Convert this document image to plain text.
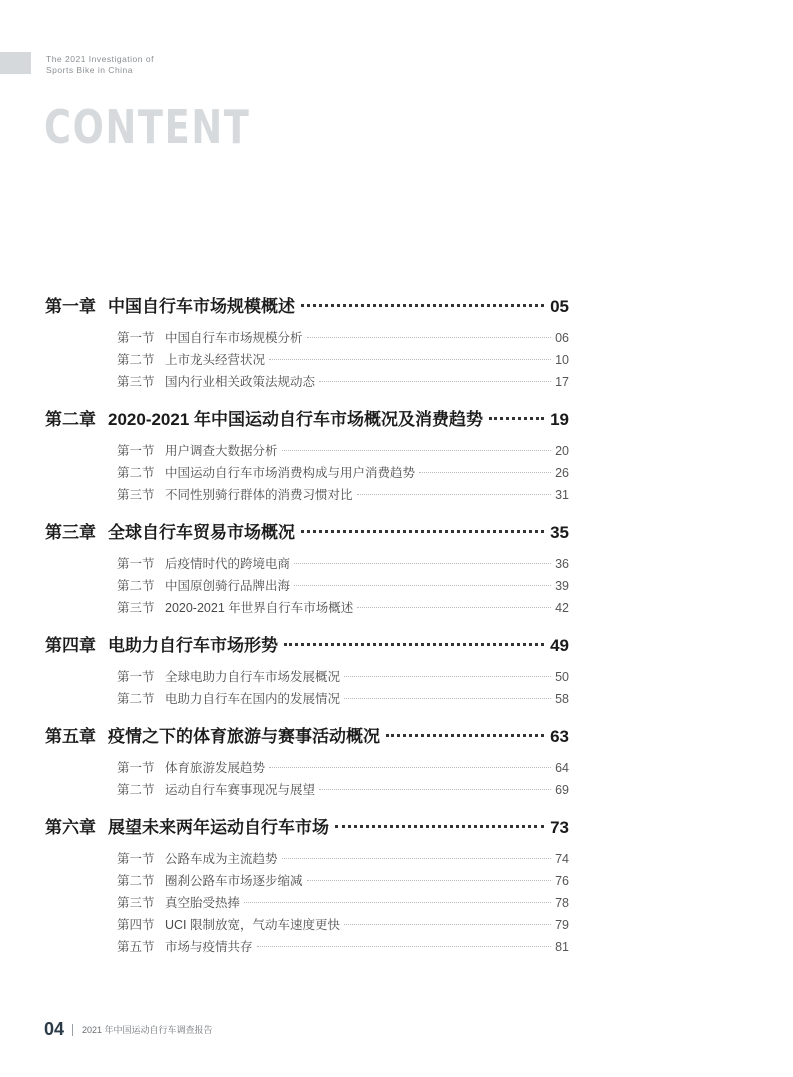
The 2021 Investigation of
Sports Bike in China
CONTENT
第一章 中国自行车市场规模概述	05
第一节 中国自行车市场规模分析	06
第二节 上市龙头经营状况	10
第三节 国内行业相关政策法规动态	17
第二章 2020-2021 年中国运动自行车市场概况及消费趋势	19
第一节 用户调查大数据分析	20
第二节 中国运动自行车市场消费构成与用户消费趋势	26
第三节 不同性别骑行群体的消费习惯对比	31
第三章 全球自行车贸易市场概况	35
第一节 后疫情时代的跨境电商	36
第二节 中国原创骑行品牌出海	39
第三节 2020-2021 年世界自行车市场概述	42
第四章 电助力自行车市场形势	49
第一节 全球电助力自行车市场发展概况	50
第二节 电助力自行车在国内的发展情况	58
第五章 疫情之下的体育旅游与赛事活动概况	63
第一节 体育旅游发展趋势	64
第二节 运动自行车赛事现况与展望	69
第六章 展望未来两年运动自行车市场	73
第一节 公路车成为主流趋势	74
第二节 圈刹公路车市场逐步缩减	76
第三节 真空胎受热捧	78
第四节 UCI 限制放宽，气动车速度更快	79
第五节 市场与疫情共存	81
04 2021 年中国运动自行车调查报告
